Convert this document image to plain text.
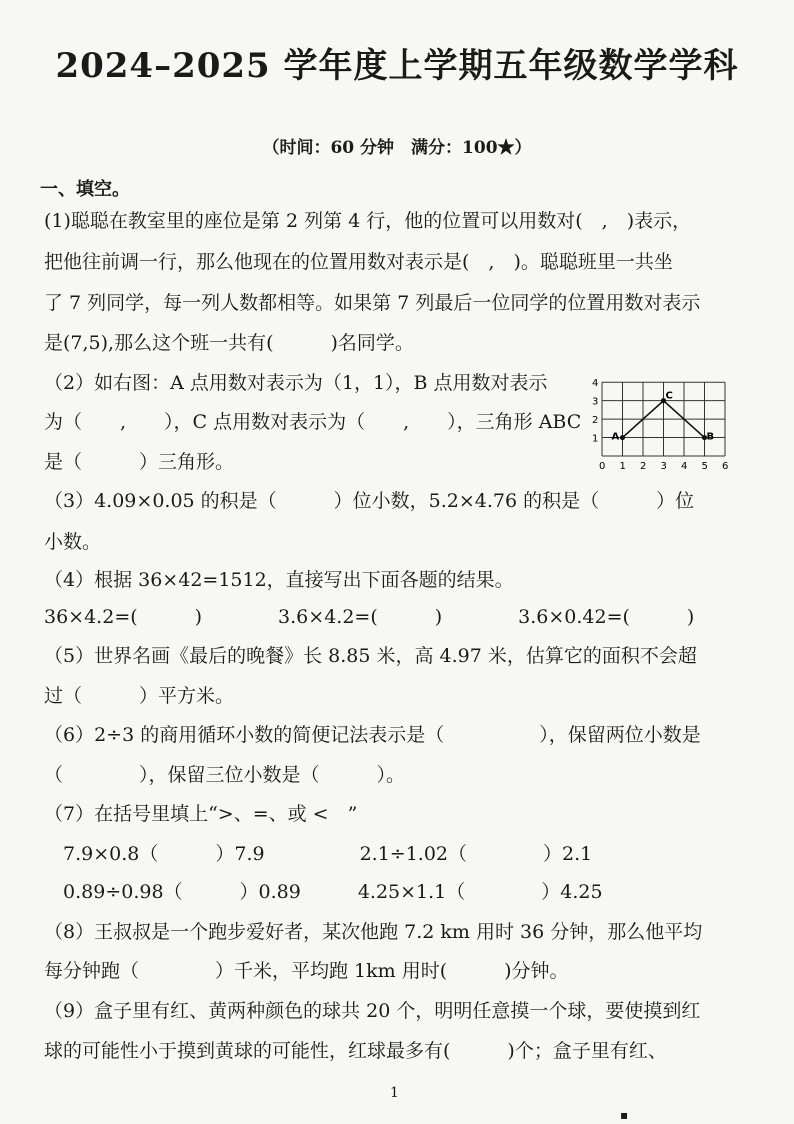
2024–2025 学年度上学期五年级数学学科
（时间：60 分钟　满分：100★）
一、填空。
(1)聪聪在教室里的座位是第 2 列第 4 行，他的位置可以用数对(　,　)表示，
把他往前调一行，那么他现在的位置用数对表示是(　,　)。聪聪班里一共坐
了 7 列同学，每一列人数都相等。如果第 7 列最后一位同学的位置用数对表示
是(7,5),那么这个班一共有(　　　)名同学。
（2）如右图：A 点用数对表示为（1，1），B 点用数对表示
为（　　,　　），C 点用数对表示为（　　,　　），三角形 ABC
是（　　　）三角形。
（3）4.09×0.05 的积是（　　　）位小数，5.2×4.76 的积是（　　　）位
小数。
（4）根据 36×42=1512，直接写出下面各题的结果。
36×4.2=(　　　)　　　　3.6×4.2=(　　　)　　　　3.6×0.42=(　　　)
（5）世界名画《最后的晚餐》长 8.85 米，高 4.97 米，估算它的面积不会超
过（　　　）平方米。
（6）2÷3 的商用循环小数的简便记法表示是（　　　　　），保留两位小数是
（　　　　），保留三位小数是（　　　）。
（7）在括号里填上“>、=、或 <　”
　7.9×0.8（　　　）7.9　　　　　2.1÷1.02（　　　　）2.1
　0.89÷0.98（　　　）0.89　　　4.25×1.1（　　　　）4.25
（8）王叔叔是一个跑步爱好者，某次他跑 7.2 km 用时 36 分钟，那么他平均
每分钟跑（　　　　）千米，平均跑 1km 用时(　　　)分钟。
（9）盒子里有红、黄两种颜色的球共 20 个，明明任意摸一个球，要使摸到红
球的可能性小于摸到黄球的可能性，红球最多有(　　　)个；盒子里有红、
0 1 2 3 4 5 6
1
2
3
4
A
C
B
1
▪
